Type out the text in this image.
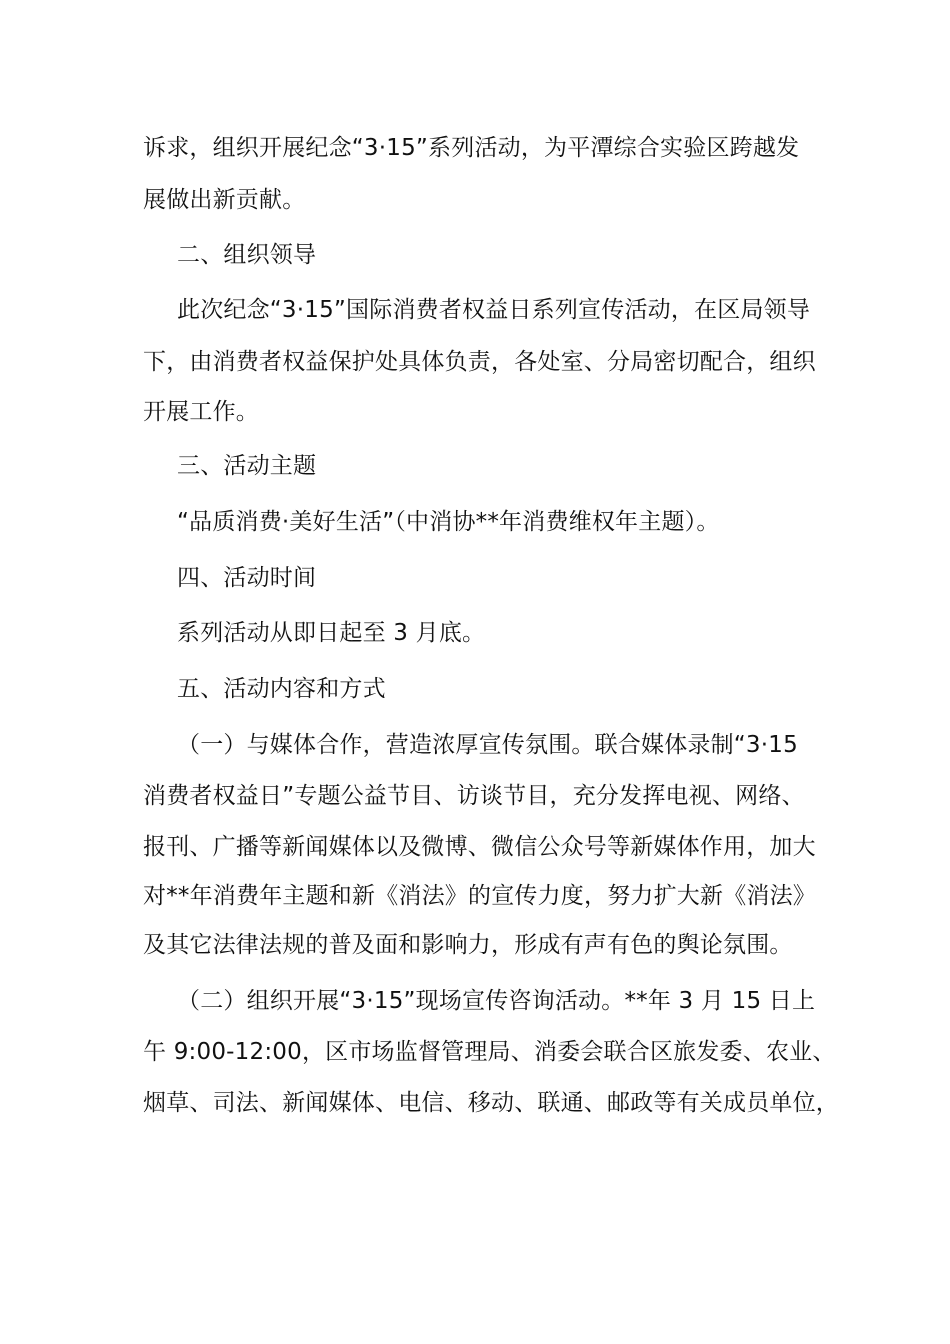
诉求，组织开展纪念“3·15”系列活动，为平潭综合实验区跨越发
展做出新贡献。
二、组织领导
此次纪念“3·15”国际消费者权益日系列宣传活动，在区局领导
下，由消费者权益保护处具体负责，各处室、分局密切配合，组织
开展工作。
三、活动主题
“品质消费·美好生活”（中消协**年消费维权年主题）。
四、活动时间
系列活动从即日起至 3 月底。
五、活动内容和方式
（一）与媒体合作，营造浓厚宣传氛围。联合媒体录制“3·15
消费者权益日”专题公益节目、访谈节目，充分发挥电视、网络、
报刊、广播等新闻媒体以及微博、微信公众号等新媒体作用，加大
对**年消费年主题和新《消法》的宣传力度，努力扩大新《消法》
及其它法律法规的普及面和影响力，形成有声有色的舆论氛围。
（二）组织开展“3·15”现场宣传咨询活动。**年 3 月 15 日上
午 9:00-12:00，区市场监督管理局、消委会联合区旅发委、农业、
烟草、司法、新闻媒体、电信、移动、联通、邮政等有关成员单位，
